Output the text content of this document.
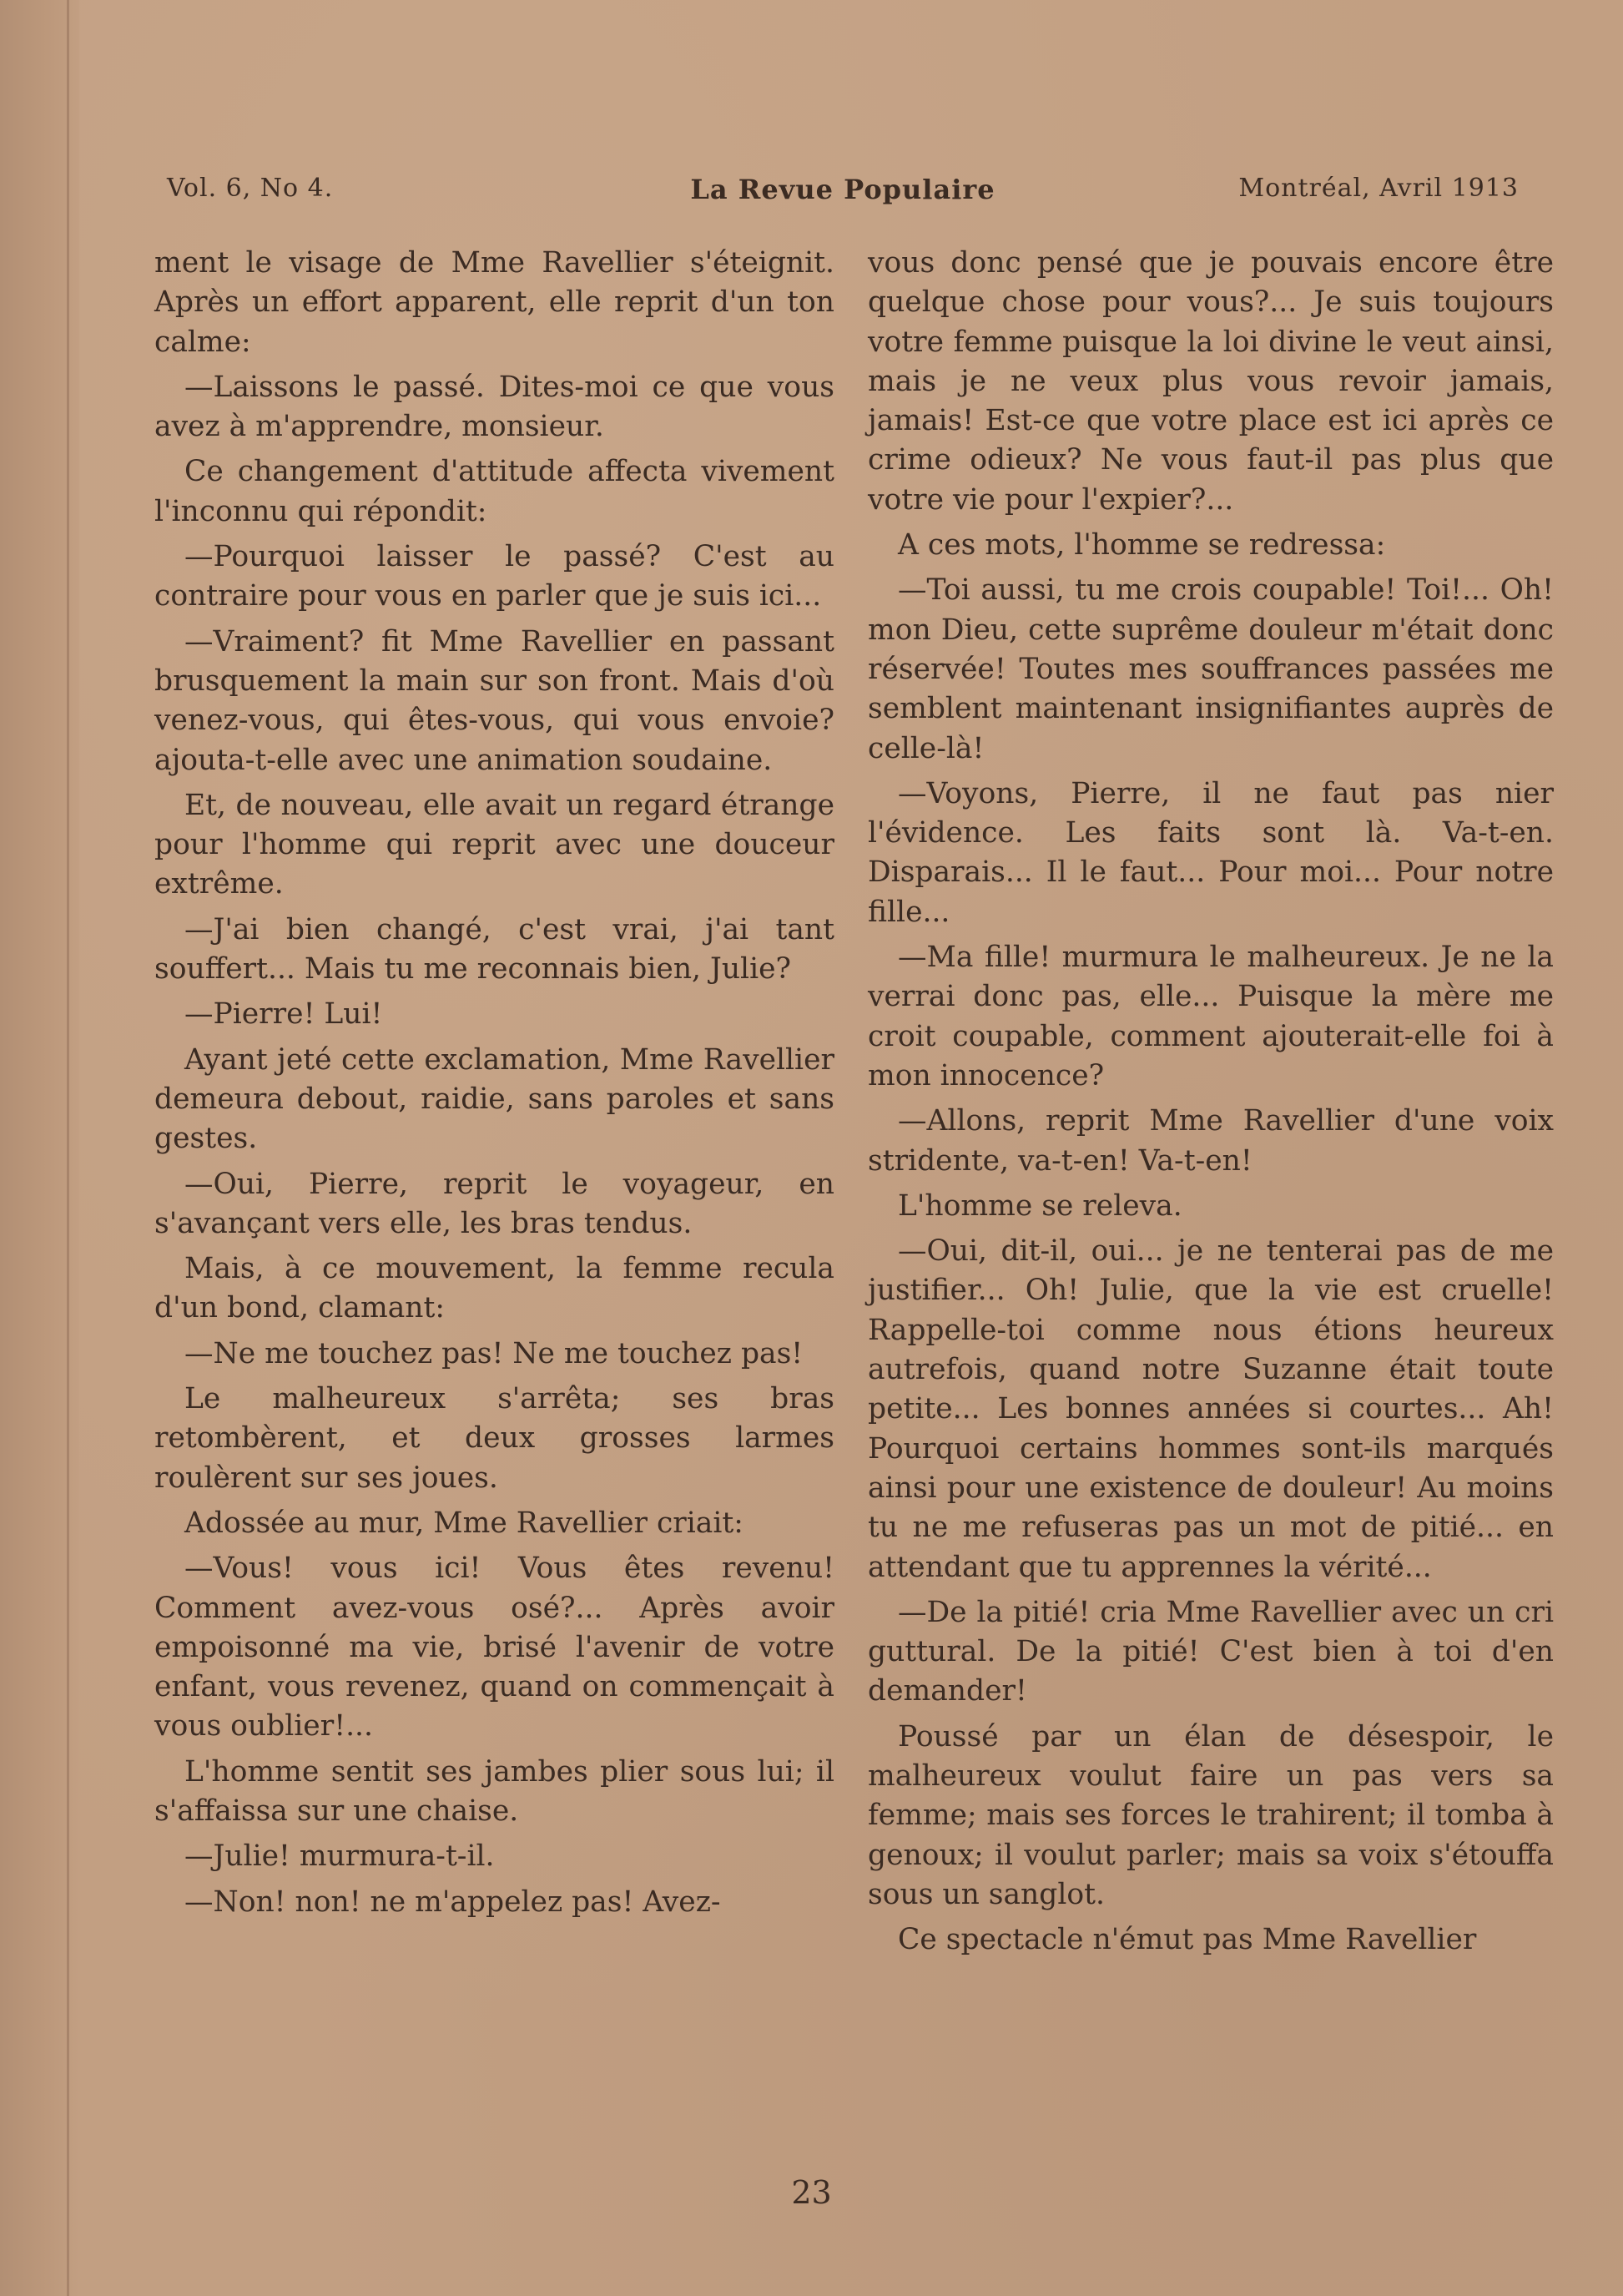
Vol. 6, No 4.	La Revue Populaire	Montréal, Avril 1913

ment le visage de Mme Ravellier s'éteignit. Après un effort apparent, elle reprit d'un ton calme:

—Laissons le passé. Dites-moi ce que vous avez à m'apprendre, monsieur.

Ce changement d'attitude affecta vivement l'inconnu qui répondit:

—Pourquoi laisser le passé? C'est au contraire pour vous en parler que je suis ici...

—Vraiment? fit Mme Ravellier en passant brusquement la main sur son front. Mais d'où venez-vous, qui êtes-vous, qui vous envoie? ajouta-t-elle avec une animation soudaine.

Et, de nouveau, elle avait un regard étrange pour l'homme qui reprit avec une douceur extrême.

—J'ai bien changé, c'est vrai, j'ai tant souffert... Mais tu me reconnais bien, Julie?

—Pierre! Lui!

Ayant jeté cette exclamation, Mme Ravellier demeura debout, raidie, sans paroles et sans gestes.

—Oui, Pierre, reprit le voyageur, en s'avançant vers elle, les bras tendus.

Mais, à ce mouvement, la femme recula d'un bond, clamant:

—Ne me touchez pas! Ne me touchez pas!

Le malheureux s'arrêta; ses bras retombèrent, et deux grosses larmes roulèrent sur ses joues.

Adossée au mur, Mme Ravellier criait:

—Vous! vous ici! Vous êtes revenu! Comment avez-vous osé?... Après avoir empoisonné ma vie, brisé l'avenir de votre enfant, vous revenez, quand on commençait à vous oublier!...

L'homme sentit ses jambes plier sous lui; il s'affaissa sur une chaise.

—Julie! murmura-t-il.

—Non! non! ne m'appelez pas! Avez-

vous donc pensé que je pouvais encore être quelque chose pour vous?... Je suis toujours votre femme puisque la loi divine le veut ainsi, mais je ne veux plus vous revoir jamais, jamais! Est-ce que votre place est ici après ce crime odieux? Ne vous faut-il pas plus que votre vie pour l'expier?...

A ces mots, l'homme se redressa:

—Toi aussi, tu me crois coupable! Toi!... Oh! mon Dieu, cette suprême douleur m'était donc réservée! Toutes mes souffrances passées me semblent maintenant insignifiantes auprès de celle-là!

—Voyons, Pierre, il ne faut pas nier l'évidence. Les faits sont là. Va-t-en. Disparais... Il le faut... Pour moi... Pour notre fille...

—Ma fille! murmura le malheureux. Je ne la verrai donc pas, elle... Puisque la mère me croit coupable, comment ajouterait-elle foi à mon innocence?

—Allons, reprit Mme Ravellier d'une voix stridente, va-t-en! Va-t-en!

L'homme se releva.

—Oui, dit-il, oui... je ne tenterai pas de me justifier... Oh! Julie, que la vie est cruelle! Rappelle-toi comme nous étions heureux autrefois, quand notre Suzanne était toute petite... Les bonnes années si courtes... Ah! Pourquoi certains hommes sont-ils marqués ainsi pour une existence de douleur! Au moins tu ne me refuseras pas un mot de pitié... en attendant que tu apprennes la vérité...

—De la pitié! cria Mme Ravellier avec un cri guttural. De la pitié! C'est bien à toi d'en demander!

Poussé par un élan de désespoir, le malheureux voulut faire un pas vers sa femme; mais ses forces le trahirent; il tomba à genoux; il voulut parler; mais sa voix s'étouffa sous un sanglot.

Ce spectacle n'émut pas Mme Ravellier

23
